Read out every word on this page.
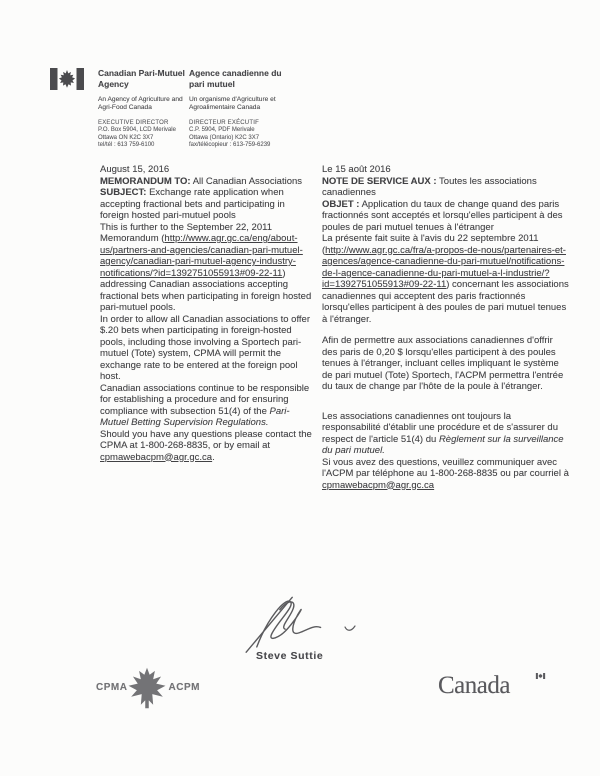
Canadian Pari-Mutuel Agency
An Agency of Agriculture and Agri-Food Canada
EXECUTIVE DIRECTOR
P.O. Box 5904, LCD Merivale
Ottawa ON K2C 3X7
tel/tél : 613 759-6100
Agence canadienne du pari mutuel
Un organisme d'Agriculture et Agroalimentaire Canada
DIRECTEUR EXÉCUTIF
C.P. 5904, PDF Merivale
Ottawa (Ontario) K2C 3X7
fax/télécopieur : 613-759-6239

August 15, 2016

MEMORANDUM TO: All Canadian Associations

SUBJECT: Exchange rate application when accepting fractional bets and participating in foreign hosted pari-mutuel pools

This is further to the September 22, 2011 Memorandum (http://www.agr.gc.ca/eng/about-us/partners-and-agencies/canadian-pari-mutuel-agency/canadian-pari-mutuel-agency-industry-notifications/?id=1392751055913#09-22-11) addressing Canadian associations accepting fractional bets when participating in foreign hosted pari-mutuel pools.

In order to allow all Canadian associations to offer $.20 bets when participating in foreign-hosted pools, including those involving a Sportech pari-mutuel (Tote) system, CPMA will permit the exchange rate to be entered at the foreign pool host.

Canadian associations continue to be responsible for establishing a procedure and for ensuring compliance with subsection 51(4) of the Pari-Mutuel Betting Supervision Regulations.

Should you have any questions please contact the CPMA at 1-800-268-8835, or by email at cpmawebacpm@agr.gc.ca.

Le 15 août 2016

NOTE DE SERVICE AUX : Toutes les associations canadiennes

OBJET : Application du taux de change quand des paris fractionnés sont acceptés et lorsqu'elles participent à des poules de pari mutuel tenues à l'étranger

La présente fait suite à l'avis du 22 septembre 2011 (http://www.agr.gc.ca/fra/a-propos-de-nous/partenaires-et-agences/agence-canadienne-du-pari-mutuel/notifications-de-l-agence-canadienne-du-pari-mutuel-a-l-industrie/?id=1392751055913#09-22-11) concernant les associations canadiennes qui acceptent des paris fractionnés lorsqu'elles participent à des poules de pari mutuel tenues à l'étranger.

Afin de permettre aux associations canadiennes d'offrir des paris de 0,20 $ lorsqu'elles participent à des poules tenues à l'étranger, incluant celles impliquant le système de pari mutuel (Tote) Sportech, l'ACPM permettra l'entrée du taux de change par l'hôte de la poule à l'étranger.

Les associations canadiennes ont toujours la responsabilité d'établir une procédure et de s'assurer du respect de l'article 51(4) du Règlement sur la surveillance du pari mutuel.

Si vous avez des questions, veuillez communiquer avec l'ACPM par téléphone au 1-800-268-8835 ou par courriel à cpmawebacpm@agr.gc.ca

Steve Suttie
CPMA	ACPM	Canada
